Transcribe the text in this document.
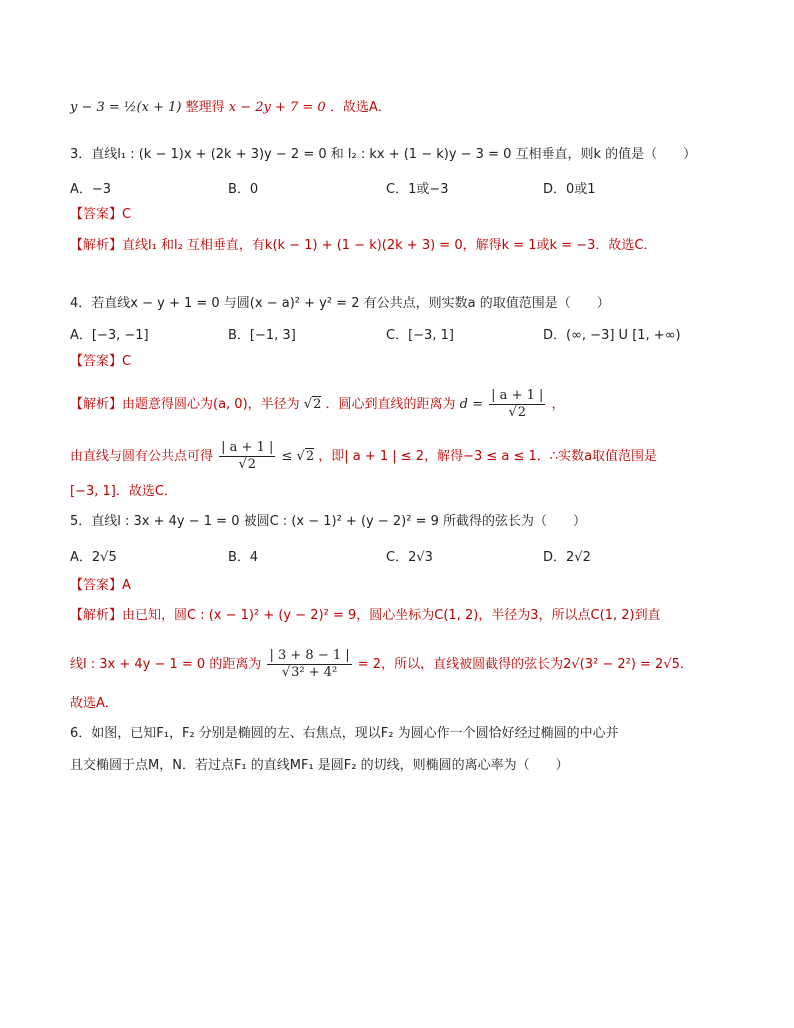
y − 3 = ½(x + 1) 整理得 x − 2y + 7 = 0 ．故选A．
3．直线l₁ : (k − 1)x + (2k + 3)y − 2 = 0 和 l₂ : kx + (1 − k)y − 3 = 0 互相垂直，则k 的值是（　　）
A．−3	B．0	C．1或−3	D．0或1
【答案】C
【解析】直线l₁ 和l₂ 互相垂直，有k(k − 1) + (1 − k)(2k + 3) = 0，解得k = 1或k = −3．故选C．
4．若直线x − y + 1 = 0 与圆(x − a)² + y² = 2 有公共点，则实数a 的取值范围是（　　）
A．[−3, −1]	B．[−1, 3]	C．[−3, 1]	D．(∞, −3] U [1, +∞)
【答案】C
【解析】由题意得圆心为(a, 0)，半径为 √2 ．圆心到直线的距离为 $d = \frac{| a + 1 |}{√2}$ ，
由直线与圆有公共点可得 $\frac{| a + 1 |}{√2} \le √2$ ，即| a + 1 | ≤ 2，解得−3 ≤ a ≤ 1．∴实数a取值范围是
[−3, 1]．故选C．
5．直线l : 3x + 4y − 1 = 0 被圆C : (x − 1)² + (y − 2)² = 9 所截得的弦长为（　　）
A．2√5	B．4	C．2√3	D．2√2
【答案】A
【解析】由已知，圆C : (x − 1)² + (y − 2)² = 9，圆心坐标为C(1, 2)，半径为3，所以点C(1, 2)到直
线l : 3x + 4y − 1 = 0 的距离为 $\frac{| 3 + 8 - 1 |}{\text{√3² + 4²}} = 2$，所以，直线被圆截得的弦长为2√(3² − 2²) = 2√5．
故选A．
6．如图，已知F₁，F₂ 分别是椭圆的左、右焦点，现以F₂ 为圆心作一个圆恰好经过椭圆的中心并
且交椭圆于点M，N．若过点F₁ 的直线MF₁ 是圆F₂ 的切线，则椭圆的离心率为（　　）
